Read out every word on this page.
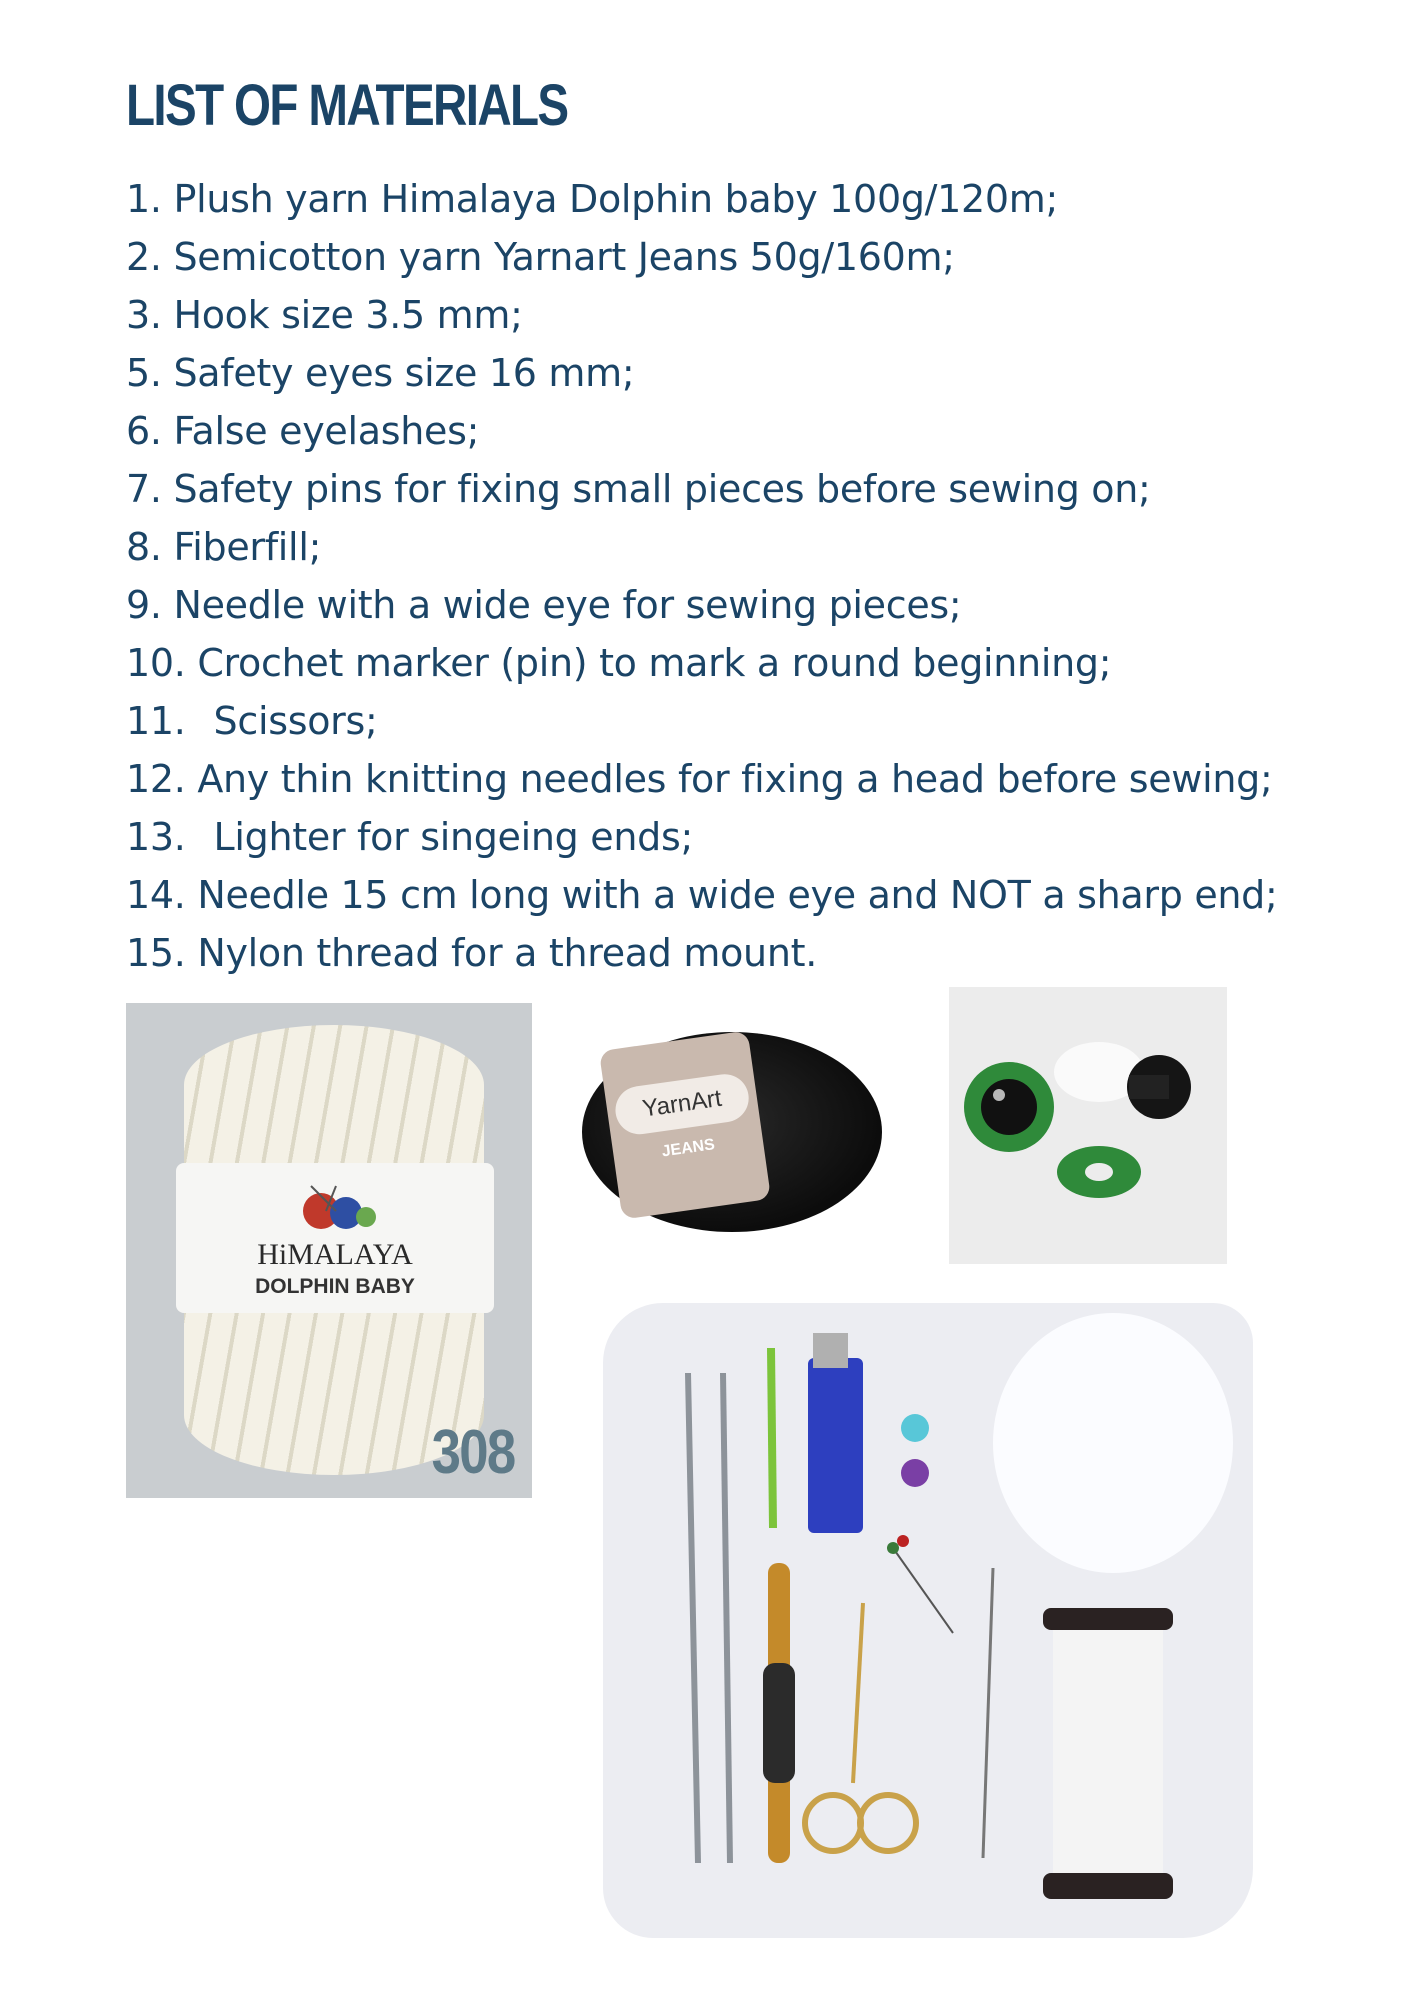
LIST OF MATERIALS
1. Plush yarn Himalaya Dolphin baby 100g/120m;
2. Semicotton yarn Yarnart Jeans 50g/160m;
3. Hook size 3.5 mm;
5. Safety eyes size 16 mm;
6. False eyelashes;
7. Safety pins for fixing small pieces before sewing on;
8. Fiberfill;
9. Needle with a wide eye for sewing pieces;
10. Crochet marker (pin) to mark a round beginning;
11. Scissors;
12. Any thin knitting needles for fixing a head before sewing;
13. Lighter for singeing ends;
14. Needle 15 cm long with a wide eye and NOT a sharp end;
15. Nylon thread for a thread mount.
HiMALAYA
DOLPHIN BABY
308
YarnArt
JEANS
